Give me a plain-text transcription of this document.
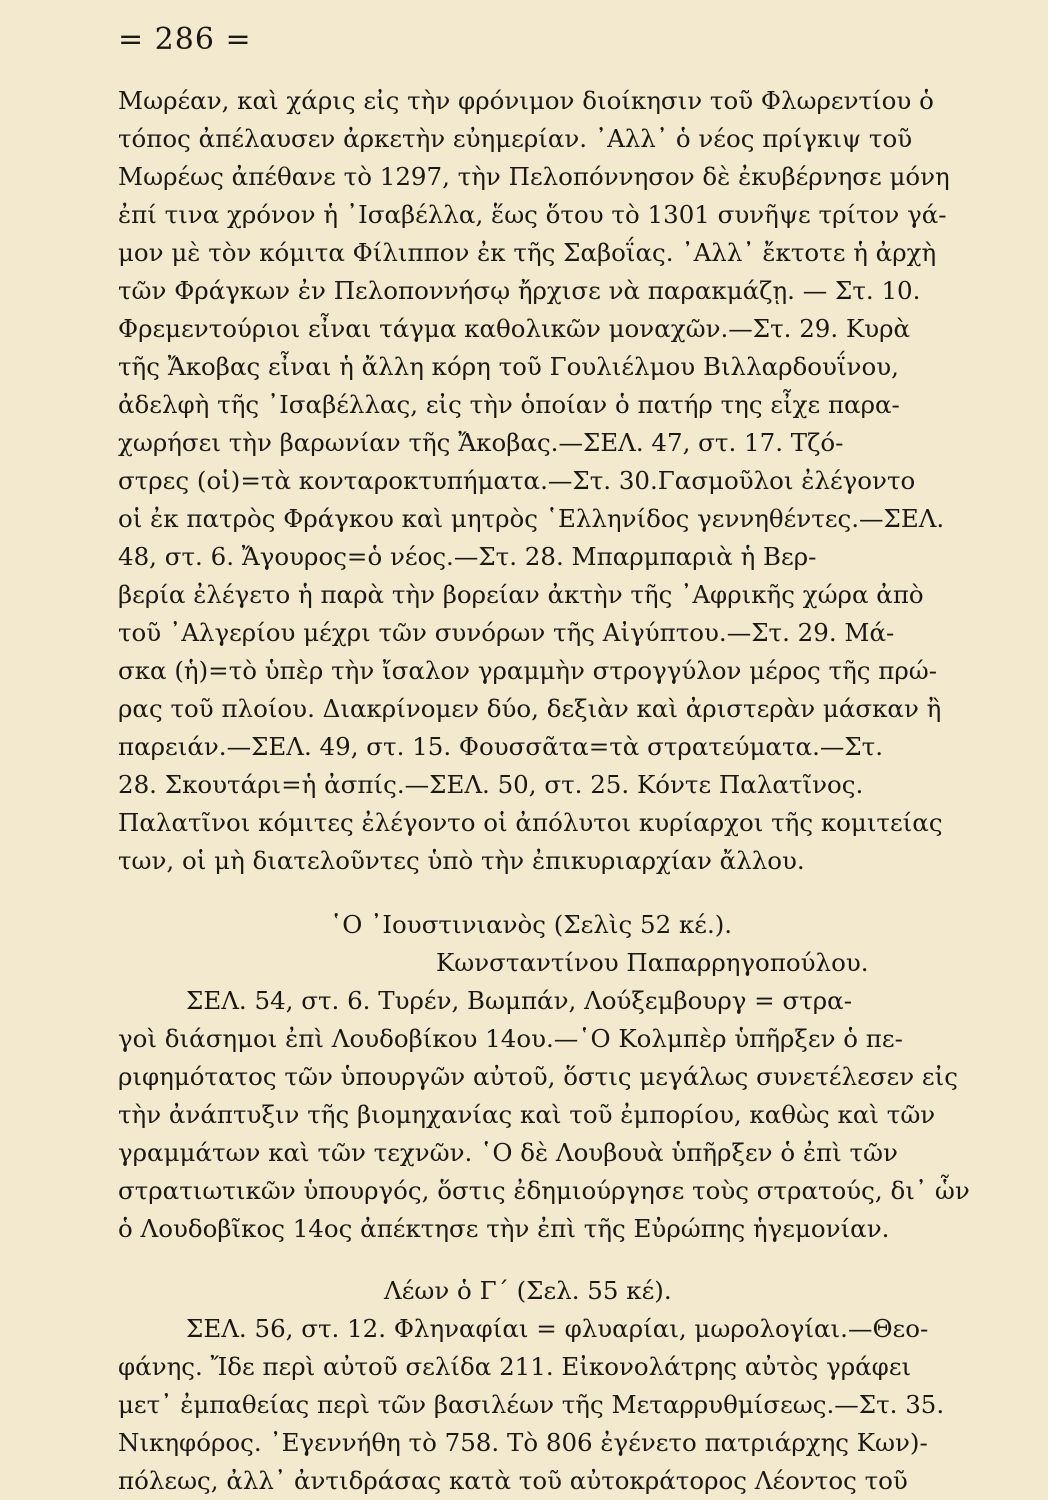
= 286 =
Μωρέαν, καὶ χάρις εἰς τὴν φρόνιμον διοίκησιν τοῦ Φλωρεντίου ὁ
τόπος ἀπέλαυσεν ἀρκετὴν εὐημερίαν. ᾿Αλλ᾽ ὁ νέος πρίγκιψ τοῦ
Μωρέως ἀπέθανε τὸ 1297, τὴν Πελοπόννησον δὲ ἐκυβέρνησε μόνη
ἐπί τινα χρόνον ἡ ᾿Ισαβέλλα, ἕως ὅτου τὸ 1301 συνῆψε τρίτον γά-
μον μὲ τὸν κόμιτα Φίλιππον ἐκ τῆς Σαβοΐας. ᾿Αλλ᾽ ἔκτοτε ἡ ἀρχὴ
τῶν Φράγκων ἐν Πελοποννήσῳ ἤρχισε νὰ παρακμάζῃ. — Στ. 10.
Φρεμεντούριοι εἶναι τάγμα καθολικῶν μοναχῶν.—Στ. 29. Κυρὰ
τῆς Ἄκοβας εἶναι ἡ ἄλλη κόρη τοῦ Γουλιέλμου Βιλλαρδουΐνου,
ἀδελφὴ τῆς ᾿Ισαβέλλας, εἰς τὴν ὁποίαν ὁ πατήρ της εἶχε παρα-
χωρήσει τὴν βαρωνίαν τῆς Ἄκοβας.—ΣΕΛ. 47, στ. 17. Τζό-
στρες (οἱ)=τὰ κονταροκτυπήματα.—Στ. 30.Γασμοῦλοι ἐλέγοντο
οἱ ἐκ πατρὸς Φράγκου καὶ μητρὸς ῾Ελληνίδος γεννηθέντες.—ΣΕΛ.
48, στ. 6. Ἄγουρος=ὁ νέος.—Στ. 28. Μπαρμπαριὰ ἡ Βερ-
βερία ἐλέγετο ἡ παρὰ τὴν βορείαν ἀκτὴν τῆς ᾿Αφρικῆς χώρα ἀπὸ
τοῦ ᾿Αλγερίου μέχρι τῶν συνόρων τῆς Αἰγύπτου.—Στ. 29. Μά-
σκα (ἡ)=τὸ ὑπὲρ τὴν ἴσαλον γραμμὴν στρογγύλον μέρος τῆς πρώ-
ρας τοῦ πλοίου. Διακρίνομεν δύο, δεξιὰν καὶ ἀριστερὰν μάσκαν ἢ
παρειάν.—ΣΕΛ. 49, στ. 15. Φουσσᾶτα=τὰ στρατεύματα.—Στ.
28. Σκουτάρι=ἡ ἀσπίς.—ΣΕΛ. 50, στ. 25. Κόντε Παλατῖνος.
Παλατῖνοι κόμιτες ἐλέγοντο οἱ ἀπόλυτοι κυρίαρχοι τῆς κομιτείας
των, οἱ μὴ διατελοῦντες ὑπὸ τὴν ἐπικυριαρχίαν ἄλλου.
῾Ο ᾿Ιουστινιανὸς (Σελὶς 52 κέ.).
Κωνσταντίνου Παπαρρηγοπούλου.
ΣΕΛ. 54, στ. 6. Τυρέν, Βωμπάν, Λούξεμβουργ = στρα-
γοὶ διάσημοι ἐπὶ Λουδοβίκου 14ου.—῾Ο Κολμπὲρ ὑπῆρξεν ὁ πε-
ριφημότατος τῶν ὑπουργῶν αὐτοῦ, ὅστις μεγάλως συνετέλεσεν εἰς
τὴν ἀνάπτυξιν τῆς βιομηχανίας καὶ τοῦ ἐμπορίου, καθὼς καὶ τῶν
γραμμάτων καὶ τῶν τεχνῶν. ῾Ο δὲ Λουβουὰ ὑπῆρξεν ὁ ἐπὶ τῶν
στρατιωτικῶν ὑπουργός, ὅστις ἐδημιούργησε τοὺς στρατούς, δι᾽ ὧν
ὁ Λουδοβῖκος 14ος ἀπέκτησε τὴν ἐπὶ τῆς Εὐρώπης ἡγεμονίαν.
Λέων ὁ Γ΄ (Σελ. 55 κέ).
ΣΕΛ. 56, στ. 12. Φληναφίαι = φλυαρίαι, μωρολογίαι.—Θεο-
φάνης. Ἴδε περὶ αὐτοῦ σελίδα 211. Εἰκονολάτρης αὐτὸς γράφει
μετ᾽ ἐμπαθείας περὶ τῶν βασιλέων τῆς Μεταρρυθμίσεως.—Στ. 35.
Νικηφόρος. ᾿Εγεννήθη τὸ 758. Τὸ 806 ἐγένετο πατριάρχης Κων)-
πόλεως, ἀλλ᾽ ἀντιδράσας κατὰ τοῦ αὐτοκράτορος Λέοντος τοῦ
